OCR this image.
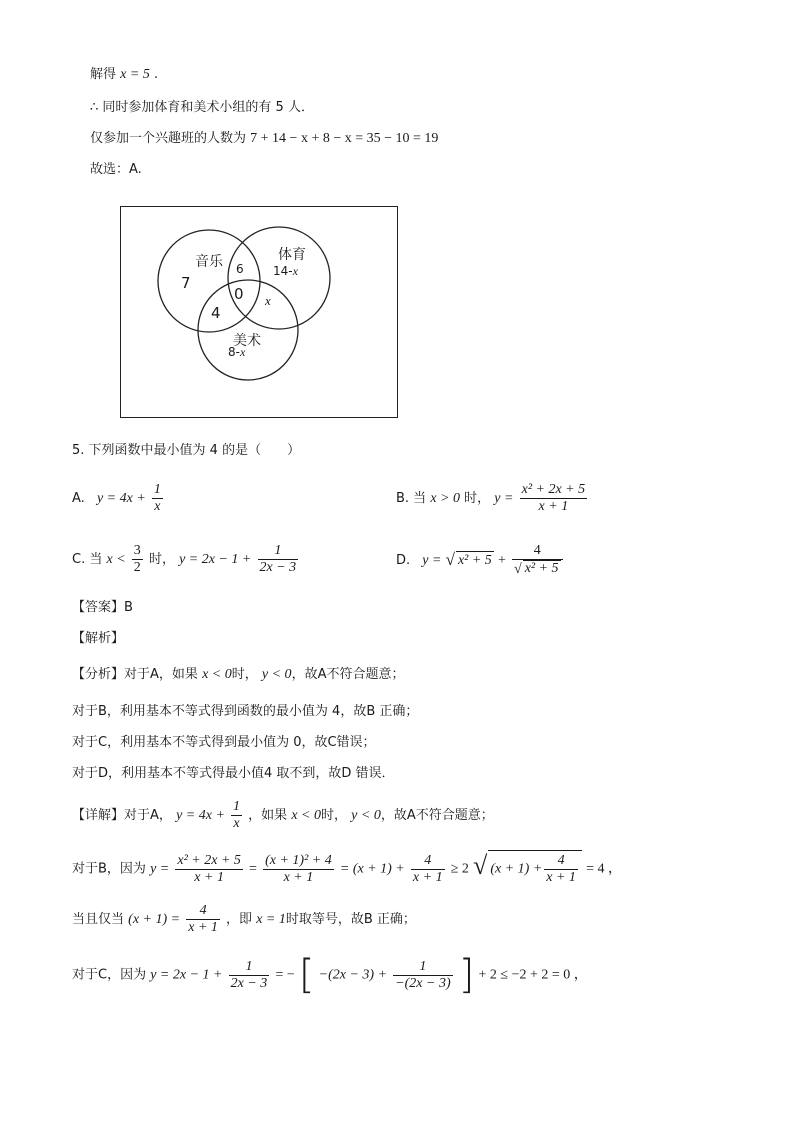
解得 x = 5 .
∴ 同时参加体育和美术小组的有 5 人．
仅参加一个兴趣班的人数为 7 + 14 − x + 8 − x = 35 − 10 = 19
故选：A.
音乐	体育
美术
7
6
0
4
x
14-x
8-x
5. 下列函数中最小值为 4 的是（　　）
A. $y = 4x + \frac{1}{x}$	B. 当 x > 0 时， $y = \frac{\text{x² + 2x + 5}}{x + 1}$
C. 当 $x < \frac{3}{2}$ 时， $y = 2x - 1 + \frac{1}{2x - 3}$	D. y = √ $x^2 + 5 + \frac{4}{\text{√ x² + 5}}$
【答案】B
【解析】
【分析】对于A，如果 x < 0时， y < 0，故A不符合题意；
对于B，利用基本不等式得到函数的最小值为 4，故B 正确；
对于C，利用基本不等式得到最小值为 0，故C错误；
对于D，利用基本不等式得最小值4 取不到，故D 错误．
【详解】对于A， $y = 4x + \frac{1}{x}$ ，如果 x < 0时， y < 0，故A不符合题意；
对于B，因为 $y = \frac{\text{x² + 2x + 5}}{x + 1} = \frac{\text{(x + 1)² + 4}}{x + 1} = (x + 1) + \frac{4}{x + 1} \ge 2$ √ $(x + 1) + \frac{4}{x + 1} = 4$ ，
当且仅当 $(x + 1) = \frac{4}{x + 1}$ ，即 x = 1时取等号，故B 正确；
对于C，因为 $y = 2x - 1 + \frac{1}{2x - 3}$ = − [ $-(2x - 3) + \frac{1}{-(2x - 3)}$ ] + 2 ≤ −2 + 2 = 0 ，
